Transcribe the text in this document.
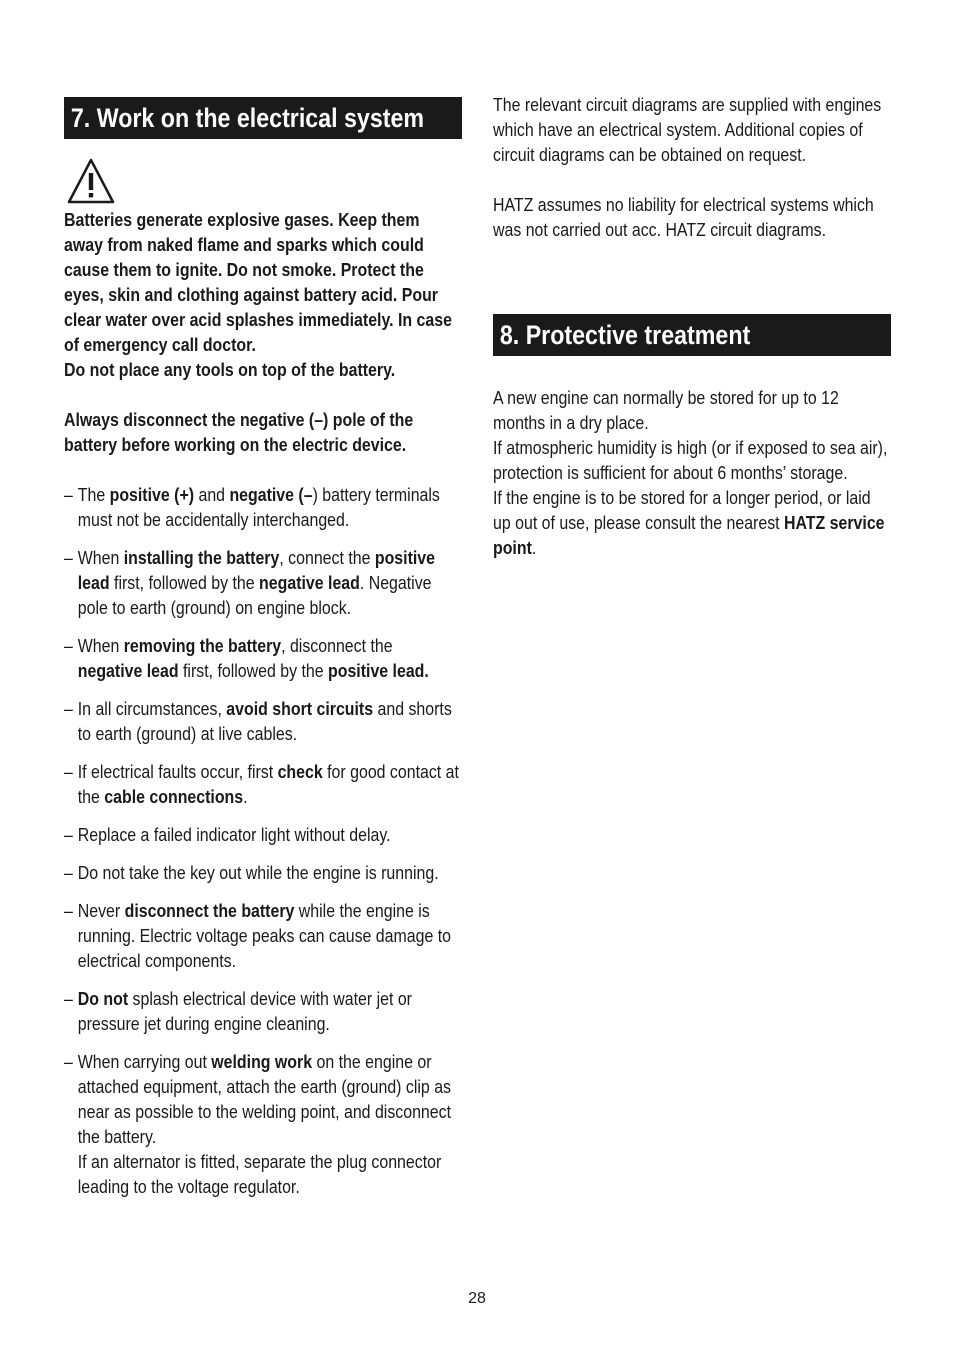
7. Work on the electrical system
Batteries generate explosive gases. Keep them away from naked flame and sparks which could cause them to ignite. Do not smoke. Protect the eyes, skin and clothing against battery acid. Pour clear water over acid splashes immediately. In case of emergency call doctor. Do not place any tools on top of the battery.
Always disconnect the negative (–) pole of the battery before working on the electric device.
– The positive (+) and negative (–) battery terminals must not be accidentally interchanged.
– When installing the battery, connect the positive lead first, followed by the negative lead. Negative pole to earth (ground) on engine block.
– When removing the battery, disconnect the negative lead first, followed by the positive lead.
– In all circumstances, avoid short circuits and shorts to earth (ground) at live cables.
– If electrical faults occur, first check for good contact at the cable connections.
– Replace a failed indicator light without delay.
– Do not take the key out while the engine is running.
– Never disconnect the battery while the engine is running. Electric voltage peaks can cause damage to electrical components.
– Do not splash electrical device with water jet or pressure jet during engine cleaning.
– When carrying out welding work on the engine or attached equipment, attach the earth (ground) clip as near as possible to the welding point, and disconnect the battery.
If an alternator is fitted, separate the plug connector leading to the voltage regulator.
The relevant circuit diagrams are supplied with engines which have an electrical system. Additional copies of circuit diagrams can be obtained on request.
HATZ assumes no liability for electrical systems which was not carried out acc. HATZ circuit diagrams.
8. Protective treatment
A new engine can normally be stored for up to 12 months in a dry place.
If atmospheric humidity is high (or if exposed to sea air), protection is sufficient for about 6 months’ storage.
If the engine is to be stored for a longer period, or laid up out of use, please consult the nearest HATZ service point.
28
